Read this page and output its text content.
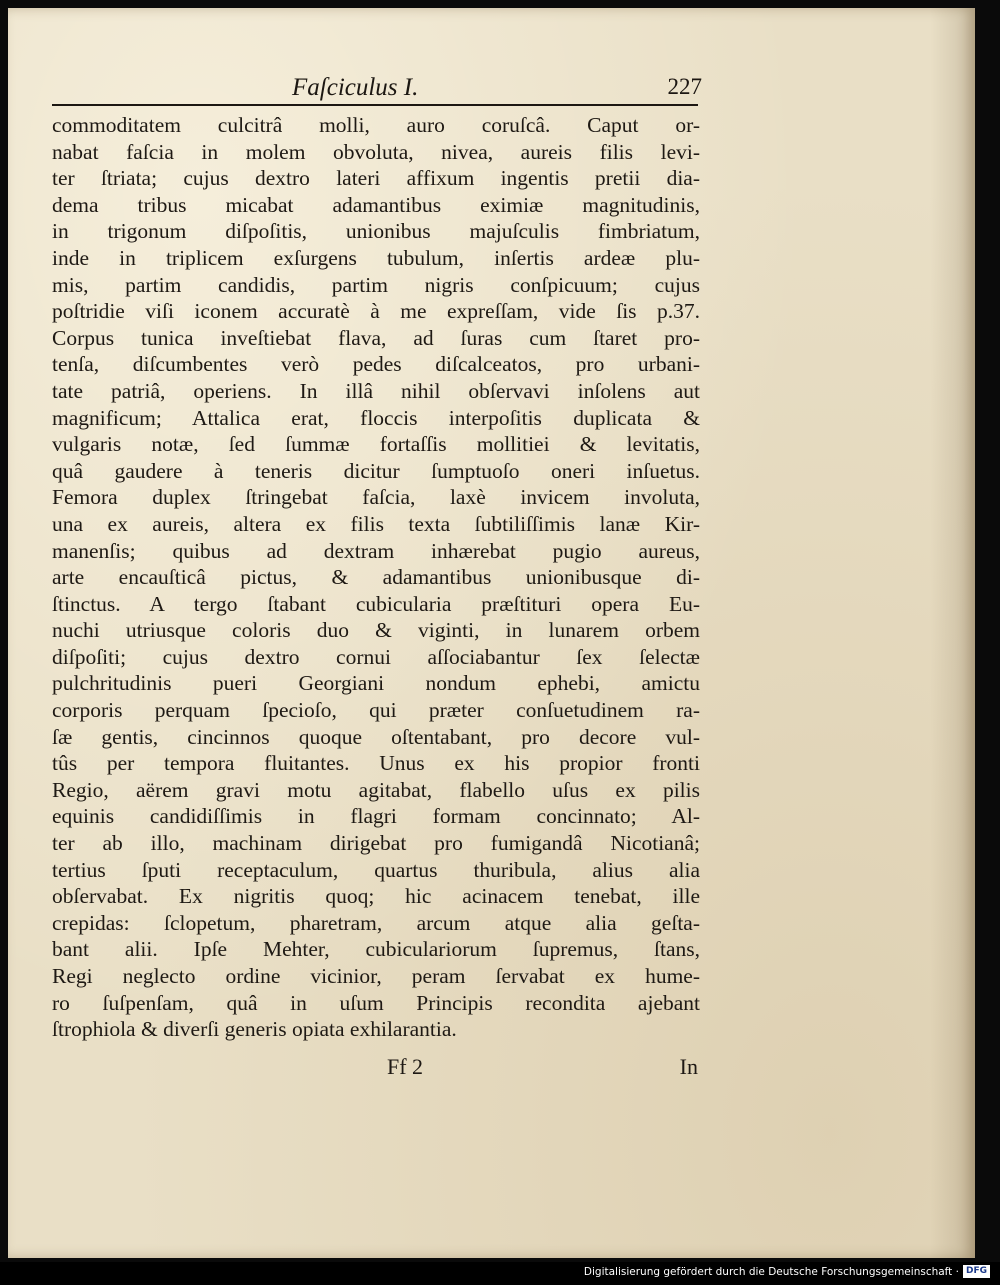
Faſciculus I.	227
commoditatem culcitrâ molli, auro coruſcâ. Caput or-
nabat faſcia in molem obvoluta, nivea, aureis filis levi-
ter ſtriata; cujus dextro lateri affixum ingentis pretii dia-
dema tribus micabat adamantibus eximiæ magnitudinis,
in trigonum diſpoſitis, unionibus majuſculis fimbriatum,
inde in triplicem exſurgens tubulum, inſertis ardeæ plu-
mis, partim candidis, partim nigris conſpicuum; cujus
poſtridie viſi iconem accuratè à me expreſſam, vide ſis p.37.
Corpus tunica inveſtiebat flava, ad ſuras cum ſtaret pro-
tenſa, diſcumbentes verò pedes diſcalceatos, pro urbani-
tate patriâ, operiens. In illâ nihil obſervavi inſolens aut
magnificum; Attalica erat, floccis interpoſitis duplicata &
vulgaris notæ, ſed ſummæ fortaſſis mollitiei & levitatis,
quâ gaudere à teneris dicitur ſumptuoſo oneri inſuetus.
Femora duplex ſtringebat faſcia, laxè invicem involuta,
una ex aureis, altera ex filis texta ſubtiliſſimis lanæ Kir-
manenſis; quibus ad dextram inhærebat pugio aureus,
arte encauſticâ pictus, & adamantibus unionibusque di-
ſtinctus. A tergo ſtabant cubicularia præſtituri opera Eu-
nuchi utriusque coloris duo & viginti, in lunarem orbem
diſpoſiti; cujus dextro cornui aſſociabantur ſex ſelectæ
pulchritudinis pueri Georgiani nondum ephebi, amictu
corporis perquam ſpecioſo, qui præter conſuetudinem ra-
ſæ gentis, cincinnos quoque oſtentabant, pro decore vul-
tûs per tempora fluitantes. Unus ex his propior fronti
Regio, aërem gravi motu agitabat, flabello uſus ex pilis
equinis candidiſſimis in flagri formam concinnato; Al-
ter ab illo, machinam dirigebat pro fumigandâ Nicotianâ;
tertius ſputi receptaculum, quartus thuribula, alius alia
obſervabat. Ex nigritis quoq; hic acinacem tenebat, ille
crepidas: ſclopetum, pharetram, arcum atque alia geſta-
bant alii. Ipſe Mehter, cubiculariorum ſupremus, ſtans,
Regi neglecto ordine vicinior, peram ſervabat ex hume-
ro ſuſpenſam, quâ in uſum Principis recondita ajebant
ſtrophiola & diverſi generis opiata exhilarantia.
Ff 2	In
Digitalisierung gefördert durch die Deutsche Forschungsgemeinschaft · DFG
